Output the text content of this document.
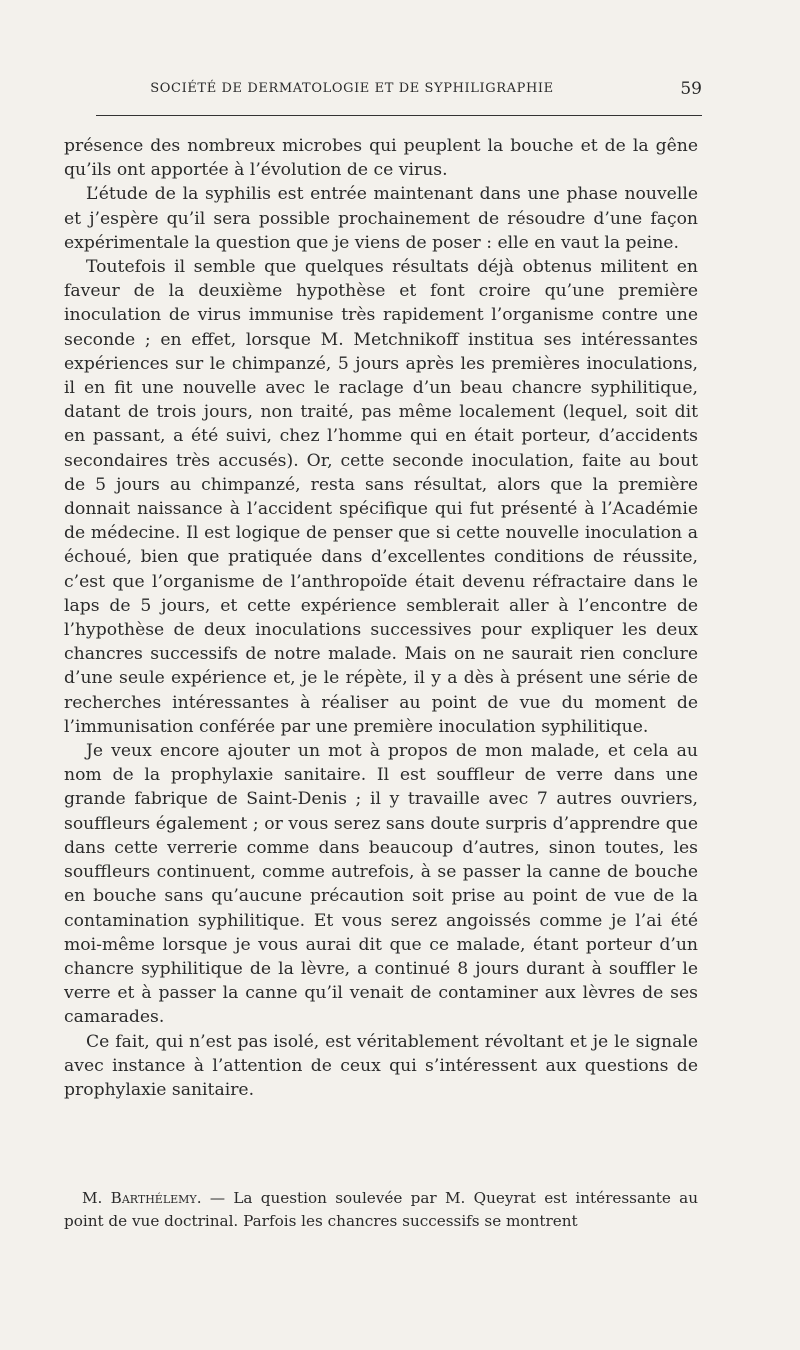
SOCIÉTÉ DE DERMATOLOGIE ET DE SYPHILIGRAPHIE	59

présence des nombreux microbes qui peuplent la bouche et de la gêne qu’ils ont apportée à l’évolution de ce virus.

L’étude de la syphilis est entrée maintenant dans une phase nouvelle et j’espère qu’il sera possible prochainement de résoudre d’une façon expérimentale la question que je viens de poser : elle en vaut la peine.

Toutefois il semble que quelques résultats déjà obtenus militent en faveur de la deuxième hypothèse et font croire qu’une première inoculation de virus immunise très rapidement l’organisme contre une seconde ; en effet, lorsque M. Metchnikoff institua ses intéressantes expériences sur le chimpanzé, 5 jours après les premières inoculations, il en fit une nouvelle avec le raclage d’un beau chancre syphilitique, datant de trois jours, non traité, pas même localement (lequel, soit dit en passant, a été suivi, chez l’homme qui en était porteur, d’accidents secondaires très accusés). Or, cette seconde inoculation, faite au bout de 5 jours au chimpanzé, resta sans résultat, alors que la première donnait naissance à l’accident spécifique qui fut présenté à l’Académie de médecine. Il est logique de penser que si cette nouvelle inoculation a échoué, bien que pratiquée dans d’excellentes conditions de réussite, c’est que l’organisme de l’anthropoïde était devenu réfractaire dans le laps de 5 jours, et cette expérience semblerait aller à l’encontre de l’hypothèse de deux inoculations successives pour expliquer les deux chancres successifs de notre malade. Mais on ne saurait rien conclure d’une seule expérience et, je le répète, il y a dès à présent une série de recherches intéressantes à réaliser au point de vue du moment de l’immunisation conférée par une première inoculation syphilitique.

Je veux encore ajouter un mot à propos de mon malade, et cela au nom de la prophylaxie sanitaire. Il est souffleur de verre dans une grande fabrique de Saint-Denis ; il y travaille avec 7 autres ouvriers, souffleurs également ; or vous serez sans doute surpris d’apprendre que dans cette verrerie comme dans beaucoup d’autres, sinon toutes, les souffleurs continuent, comme autrefois, à se passer la canne de bouche en bouche sans qu’aucune précaution soit prise au point de vue de la contamination syphilitique. Et vous serez angoissés comme je l’ai été moi-même lorsque je vous aurai dit que ce malade, étant porteur d’un chancre syphilitique de la lèvre, a continué 8 jours durant à souffler le verre et à passer la canne qu’il venait de contaminer aux lèvres de ses camarades.

Ce fait, qui n’est pas isolé, est véritablement révoltant et je le signale avec instance à l’attention de ceux qui s’intéressent aux questions de prophylaxie sanitaire.

M. Barthélemy. — La question soulevée par M. Queyrat est intéressante au point de vue doctrinal. Parfois les chancres successifs se montrent
